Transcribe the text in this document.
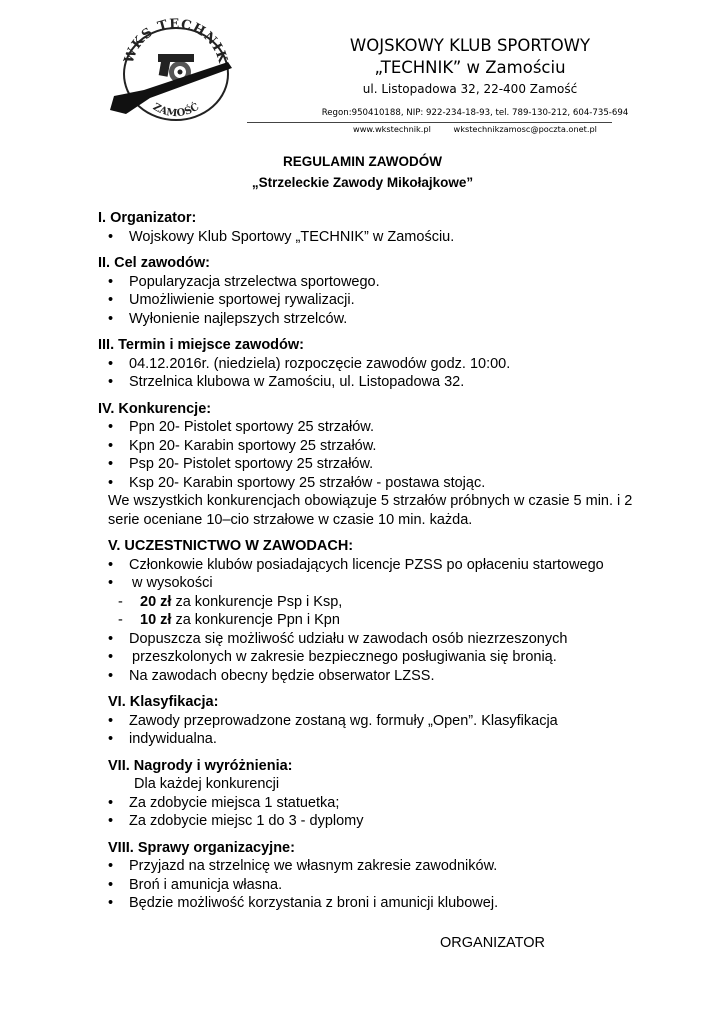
WKS TECHNIK
ZAMOŚĆ
WOJSKOWY KLUB SPORTOWY
„TECHNIK” w Zamościu
ul. Listopadowa 32, 22-400 Zamość
Regon:950410188, NIP: 922-234-18-93, tel. 789-130-212, 604-735-694
www.wkstechnik.pl	wkstechnikzamosc@poczta.onet.pl
REGULAMIN ZAWODÓW
„Strzeleckie Zawody Mikołajkowe”
I. Organizator:
• Wojskowy Klub Sportowy „TECHNIK” w Zamościu.
II. Cel zawodów:
• Popularyzacja strzelectwa sportowego.
• Umożliwienie sportowej rywalizacji.
• Wyłonienie najlepszych strzelców.
III. Termin i miejsce zawodów:
• 04.12.2016r. (niedziela) rozpoczęcie zawodów godz. 10:00.
• Strzelnica klubowa w Zamościu, ul. Listopadowa 32.
IV. Konkurencje:
• Ppn 20- Pistolet sportowy 25 strzałów.
• Kpn 20- Karabin sportowy 25 strzałów.
• Psp 20- Pistolet sportowy 25 strzałów.
• Ksp 20- Karabin sportowy 25 strzałów - postawa stojąc.
We wszystkich konkurencjach obowiązuje 5 strzałów próbnych w czasie 5 min. i 2
serie oceniane 10–cio strzałowe w czasie 10 min. każda.
V. UCZESTNICTWO W ZAWODACH:
• Członkowie klubów posiadających licencje PZSS po opłaceniu startowego
• w wysokości
- 20 zł za konkurencje Psp i Ksp,
- 10 zł za konkurencje Ppn i Kpn
• Dopuszcza się możliwość udziału w zawodach osób niezrzeszonych
• przeszkolonych w zakresie bezpiecznego posługiwania się bronią.
• Na zawodach obecny będzie obserwator LZSS.
VI. Klasyfikacja:
• Zawody przeprowadzone zostaną wg. formuły „Open”. Klasyfikacja
• indywidualna.
VII. Nagrody i wyróżnienia:
Dla każdej konkurencji
• Za zdobycie miejsca 1 statuetka;
• Za zdobycie miejsc 1 do 3 - dyplomy
VIII. Sprawy organizacyjne:
• Przyjazd na strzelnicę we własnym zakresie zawodników.
• Broń i amunicja własna.
• Będzie możliwość korzystania z broni i amunicji klubowej.
ORGANIZATOR
